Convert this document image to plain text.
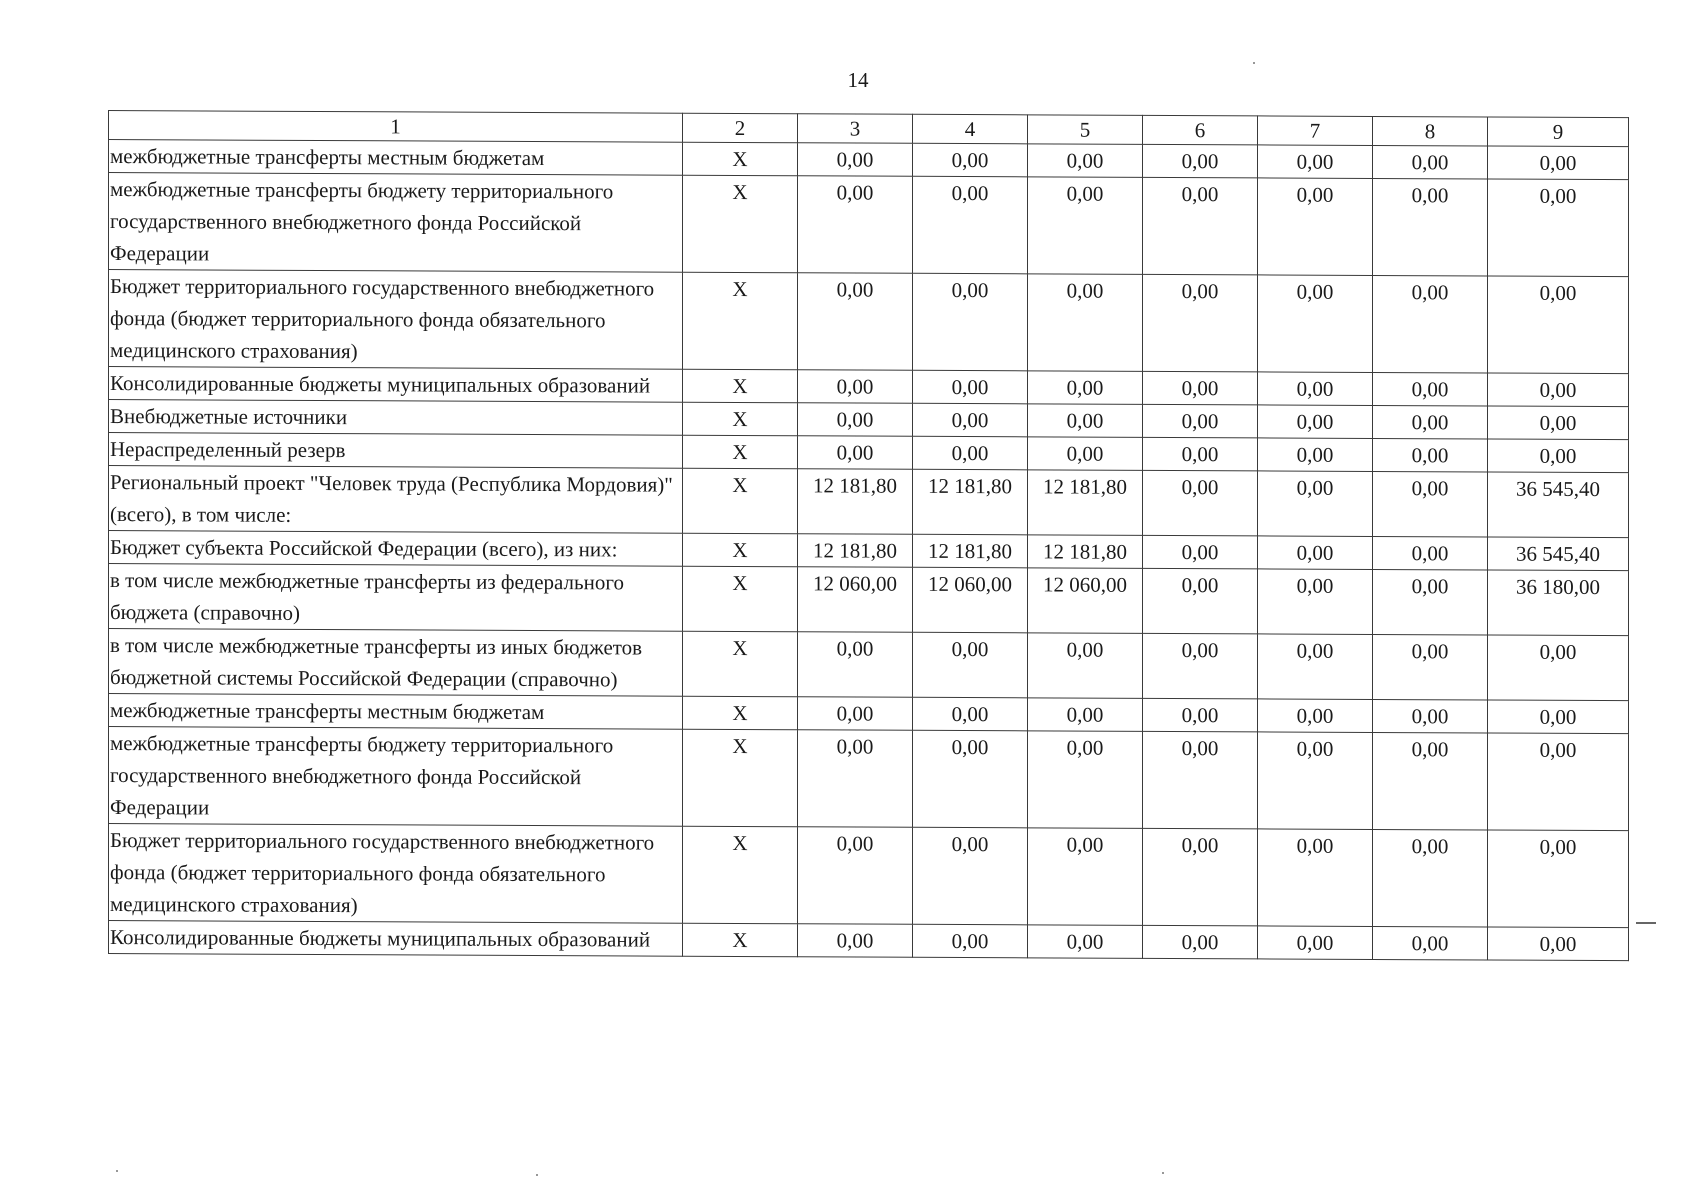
14
1	2	3	4	5	6	7	8	9
межбюджетные трансферты местным бюджетам	X	0,00	0,00	0,00	0,00	0,00	0,00	0,00
межбюджетные трансферты бюджету территориального государственного внебюджетного фонда Российской Федерации	X	0,00	0,00	0,00	0,00	0,00	0,00	0,00
Бюджет территориального государственного внебюджетного фонда (бюджет территориального фонда обязательного медицинского страхования)	X	0,00	0,00	0,00	0,00	0,00	0,00	0,00
Консолидированные бюджеты муниципальных образований	X	0,00	0,00	0,00	0,00	0,00	0,00	0,00
Внебюджетные источники	X	0,00	0,00	0,00	0,00	0,00	0,00	0,00
Нераспределенный резерв	X	0,00	0,00	0,00	0,00	0,00	0,00	0,00
Региональный проект "Человек труда (Республика Мордовия)" (всего), в том числе:	X	12 181,80	12 181,80	12 181,80	0,00	0,00	0,00	36 545,40
Бюджет субъекта Российской Федерации (всего), из них:	X	12 181,80	12 181,80	12 181,80	0,00	0,00	0,00	36 545,40
в том числе межбюджетные трансферты из федерального бюджета (справочно)	X	12 060,00	12 060,00	12 060,00	0,00	0,00	0,00	36 180,00
в том числе межбюджетные трансферты из иных бюджетов бюджетной системы Российской Федерации (справочно)	X	0,00	0,00	0,00	0,00	0,00	0,00	0,00
межбюджетные трансферты местным бюджетам	X	0,00	0,00	0,00	0,00	0,00	0,00	0,00
межбюджетные трансферты бюджету территориального государственного внебюджетного фонда Российской Федерации	X	0,00	0,00	0,00	0,00	0,00	0,00	0,00
Бюджет территориального государственного внебюджетного фонда (бюджет территориального фонда обязательного медицинского страхования)	X	0,00	0,00	0,00	0,00	0,00	0,00	0,00
Консолидированные бюджеты муниципальных образований	X	0,00	0,00	0,00	0,00	0,00	0,00	0,00
